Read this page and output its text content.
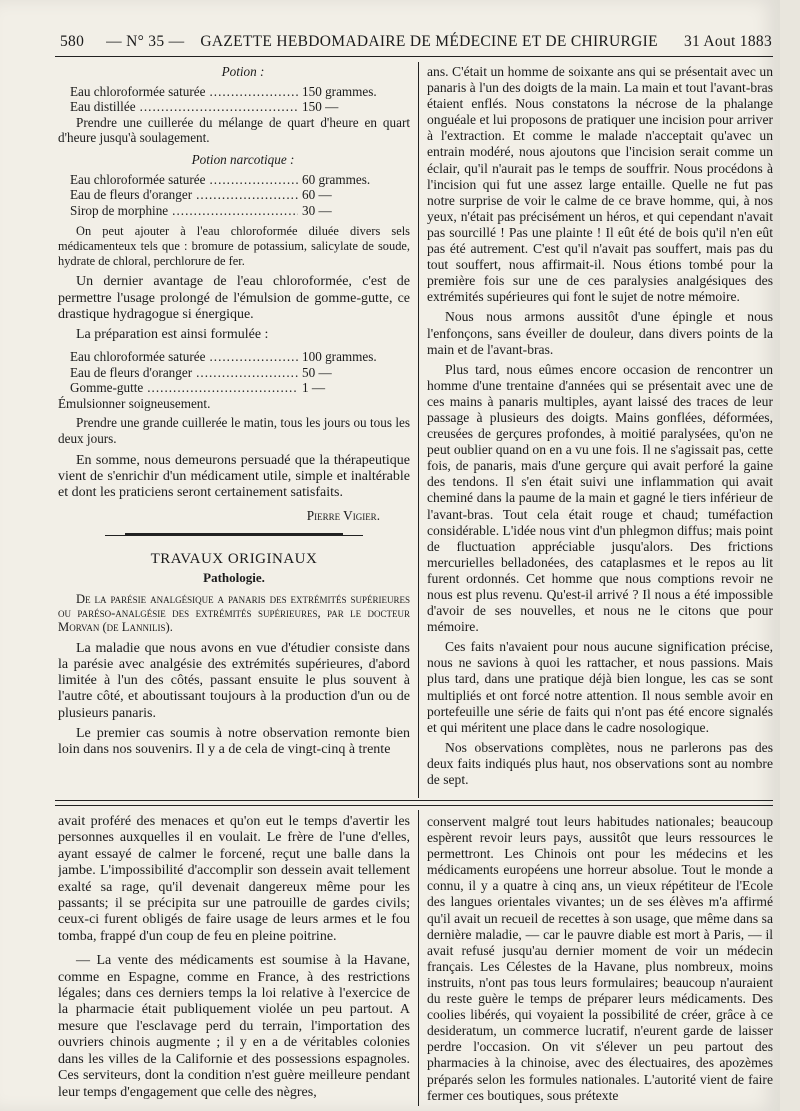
580 — N° 35 — GAZETTE HEBDOMADAIRE DE MÉDECINE ET DE CHIRURGIE	31 Aout 1883

Potion :

Eau chloroformée saturée .....	150 grammes.
Eau distillée .....	150 —

Prendre une cuillerée du mélange de quart d'heure en quart d'heure jusqu'à soulagement.

Potion narcotique :

Eau chloroformée saturée .....	60 grammes.
Eau de fleurs d'oranger .....	60 —
Sirop de morphine .....	30 —

On peut ajouter à l'eau chloroformée diluée divers sels médicamenteux tels que : bromure de potassium, salicylate de soude, hydrate de chloral, perchlorure de fer.

Un dernier avantage de l'eau chloroformée, c'est de permettre l'usage prolongé de l'émulsion de gomme-gutte, ce drastique hydragogue si énergique.

La préparation est ainsi formulée :

Eau chloroformée saturée .....	100 grammes.
Eau de fleurs d'oranger .....	50 —
Gomme-gutte .....	1 —

Émulsionner soigneusement.

Prendre une grande cuillerée le matin, tous les jours ou tous les deux jours.

En somme, nous demeurons persuadé que la thérapeutique vient de s'enrichir d'un médicament utile, simple et inaltérable et dont les praticiens seront certainement satisfaits.

Pierre Vigier.
TRAVAUX ORIGINAUX
Pathologie.

De la parésie analgésique a panaris des extrémités supérieures ou paréso-analgésie des extrémités supérieures, par le docteur Morvan (de Lannilis).

La maladie que nous avons en vue d'étudier consiste dans la parésie avec analgésie des extrémités supérieures, d'abord limitée à l'un des côtés, passant ensuite le plus souvent à l'autre côté, et aboutissant toujours à la production d'un ou de plusieurs panaris.

Le premier cas soumis à notre observation remonte bien loin dans nos souvenirs. Il y a de cela de vingt-cinq à trente

ans. C'était un homme de soixante ans qui se présentait avec un panaris à l'un des doigts de la main. La main et tout l'avant-bras étaient enflés. Nous constatons la nécrose de la phalange onguéale et lui proposons de pratiquer une incision pour arriver à l'extraction. Et comme le malade n'acceptait qu'avec un entrain modéré, nous ajoutons que l'incision serait comme un éclair, qu'il n'aurait pas le temps de souffrir. Nous procédons à l'incision qui fut une assez large entaille. Quelle ne fut pas notre surprise de voir le calme de ce brave homme, qui, à nos yeux, n'était pas précisément un héros, et qui cependant n'avait pas sourcillé ! Pas une plainte ! Il eût été de bois qu'il n'en eût pas été autrement. C'est qu'il n'avait pas souffert, mais pas du tout souffert, nous affirmait-il. Nous étions tombé pour la première fois sur une de ces paralysies analgésiques des extrémités supérieures qui font le sujet de notre mémoire.

Nous nous armons aussitôt d'une épingle et nous l'enfonçons, sans éveiller de douleur, dans divers points de la main et de l'avant-bras.

Plus tard, nous eûmes encore occasion de rencontrer un homme d'une trentaine d'années qui se présentait avec une de ces mains à panaris multiples, ayant laissé des traces de leur passage à plusieurs des doigts. Mains gonflées, déformées, creusées de gerçures profondes, à moitié paralysées, qu'on ne peut oublier quand on en a vu une fois. Il ne s'agissait pas, cette fois, de panaris, mais d'une gerçure qui avait perforé la gaine des tendons. Il s'en était suivi une inflammation qui avait cheminé dans la paume de la main et gagné le tiers inférieur de l'avant-bras. Tout cela était rouge et chaud; tuméfaction considérable. L'idée nous vint d'un phlegmon diffus; mais point de fluctuation appréciable jusqu'alors. Des frictions mercurielles belladonées, des cataplasmes et le repos au lit furent ordonnés. Cet homme que nous comptions revoir ne nous est plus revenu. Qu'est-il arrivé ? Il nous a été impossible d'avoir de ses nouvelles, et nous ne le citons que pour mémoire.

Ces faits n'avaient pour nous aucune signification précise, nous ne savions à quoi les rattacher, et nous passions. Mais plus tard, dans une pratique déjà bien longue, les cas se sont multipliés et ont forcé notre attention. Il nous semble avoir en portefeuille une série de faits qui n'ont pas été encore signalés et qui méritent une place dans le cadre nosologique.

Nos observations complètes, nous ne parlerons pas des deux faits indiqués plus haut, nos observations sont au nombre de sept.

avait proféré des menaces et qu'on eut le temps d'avertir les personnes auxquelles il en voulait. Le frère de l'une d'elles, ayant essayé de calmer le forcené, reçut une balle dans la jambe. L'impossibilité d'accomplir son dessein avait tellement exalté sa rage, qu'il devenait dangereux même pour les passants; il se précipita sur une patrouille de gardes civils; ceux-ci furent obligés de faire usage de leurs armes et le fou tomba, frappé d'un coup de feu en pleine poitrine.

— La vente des médicaments est soumise à la Havane, comme en Espagne, comme en France, à des restrictions légales; dans ces derniers temps la loi relative à l'exercice de la pharmacie était publiquement violée un peu partout. A mesure que l'esclavage perd du terrain, l'importation des ouvriers chinois augmente ; il y en a de véritables colonies dans les villes de la Californie et des possessions espagnoles. Ces serviteurs, dont la condition n'est guère meilleure pendant leur temps d'engagement que celle des nègres,

conservent malgré tout leurs habitudes nationales; beaucoup espèrent revoir leurs pays, aussitôt que leurs ressources le permettront. Les Chinois ont pour les médecins et les médicaments européens une horreur absolue. Tout le monde a connu, il y a quatre à cinq ans, un vieux répétiteur de l'Ecole des langues orientales vivantes; un de ses élèves m'a affirmé qu'il avait un recueil de recettes à son usage, que même dans sa dernière maladie, — car le pauvre diable est mort à Paris, — il avait refusé jusqu'au dernier moment de voir un médecin français. Les Célestes de la Havane, plus nombreux, moins instruits, n'ont pas tous leurs formulaires; beaucoup n'auraient du reste guère le temps de préparer leurs médicaments. Des coolies libérés, qui voyaient la possibilité de créer, grâce à ce desideratum, un commerce lucratif, n'eurent garde de laisser perdre l'occasion. On vit s'élever un peu partout des pharmacies à la chinoise, avec des électuaires, des apozèmes préparés selon les formules nationales. L'autorité vient de faire fermer ces boutiques, sous prétexte
